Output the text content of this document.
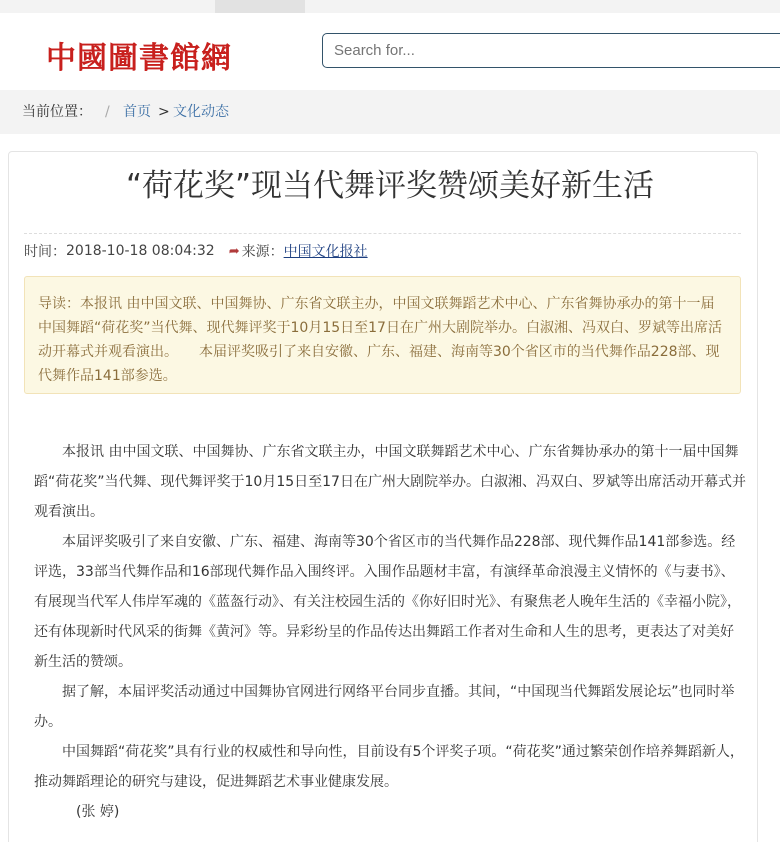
中國圖書館網
Search for...
当前位置： / 首页 > 文化动态
“荷花奖”现当代舞评奖赞颂美好新生活
时间：2018-10-18 08:04:32 ➦ 来源：中国文化报社
导读：本报讯 由中国文联、中国舞协、广东省文联主办，中国文联舞蹈艺术中心、广东省舞协承办的第十一届中国舞蹈“荷花奖”当代舞、现代舞评奖于10月15日至17日在广州大剧院举办。白淑湘、冯双白、罗斌等出席活动开幕式并观看演出。　　本届评奖吸引了来自安徽、广东、福建、海南等30个省区市的当代舞作品228部、现代舞作品141部参选。

本报讯 由中国文联、中国舞协、广东省文联主办，中国文联舞蹈艺术中心、广东省舞协承办的第十一届中国舞蹈“荷花奖”当代舞、现代舞评奖于10月15日至17日在广州大剧院举办。白淑湘、冯双白、罗斌等出席活动开幕式并观看演出。

本届评奖吸引了来自安徽、广东、福建、海南等30个省区市的当代舞作品228部、现代舞作品141部参选。经评选，33部当代舞作品和16部现代舞作品入围终评。入围作品题材丰富，有演绎革命浪漫主义情怀的《与妻书》、有展现当代军人伟岸军魂的《蓝盔行动》、有关注校园生活的《你好旧时光》、有聚焦老人晚年生活的《幸福小院》，还有体现新时代风采的街舞《黄河》等。异彩纷呈的作品传达出舞蹈工作者对生命和人生的思考，更表达了对美好新生活的赞颂。

据了解，本届评奖活动通过中国舞协官网进行网络平台同步直播。其间，“中国现当代舞蹈发展论坛”也同时举办。

中国舞蹈“荷花奖”具有行业的权威性和导向性，目前设有5个评奖子项。“荷花奖”通过繁荣创作培养舞蹈新人，推动舞蹈理论的研究与建设，促进舞蹈艺术事业健康发展。

(张 婷)
